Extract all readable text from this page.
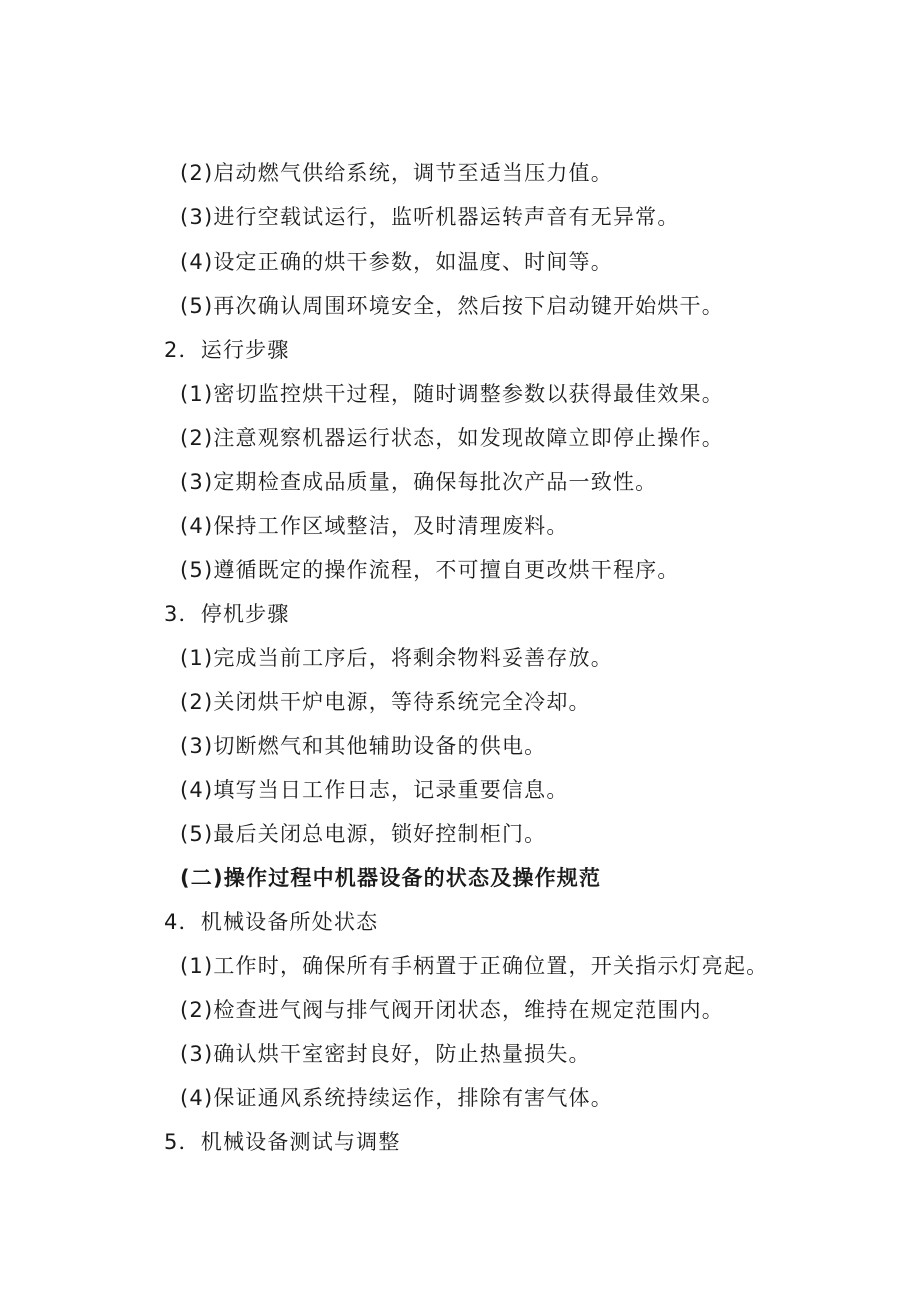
(2)启动燃气供给系统，调节至适当压力值。
(3)进行空载试运行，监听机器运转声音有无异常。
(4)设定正确的烘干参数，如温度、时间等。
(5)再次确认周围环境安全，然后按下启动键开始烘干。
2．运行步骤
(1)密切监控烘干过程，随时调整参数以获得最佳效果。
(2)注意观察机器运行状态，如发现故障立即停止操作。
(3)定期检查成品质量，确保每批次产品一致性。
(4)保持工作区域整洁，及时清理废料。
(5)遵循既定的操作流程，不可擅自更改烘干程序。
3．停机步骤
(1)完成当前工序后，将剩余物料妥善存放。
(2)关闭烘干炉电源，等待系统完全冷却。
(3)切断燃气和其他辅助设备的供电。
(4)填写当日工作日志，记录重要信息。
(5)最后关闭总电源，锁好控制柜门。
(二)操作过程中机器设备的状态及操作规范
4．机械设备所处状态
(1)工作时，确保所有手柄置于正确位置，开关指示灯亮起。
(2)检查进气阀与排气阀开闭状态，维持在规定范围内。
(3)确认烘干室密封良好，防止热量损失。
(4)保证通风系统持续运作，排除有害气体。
5．机械设备测试与调整
